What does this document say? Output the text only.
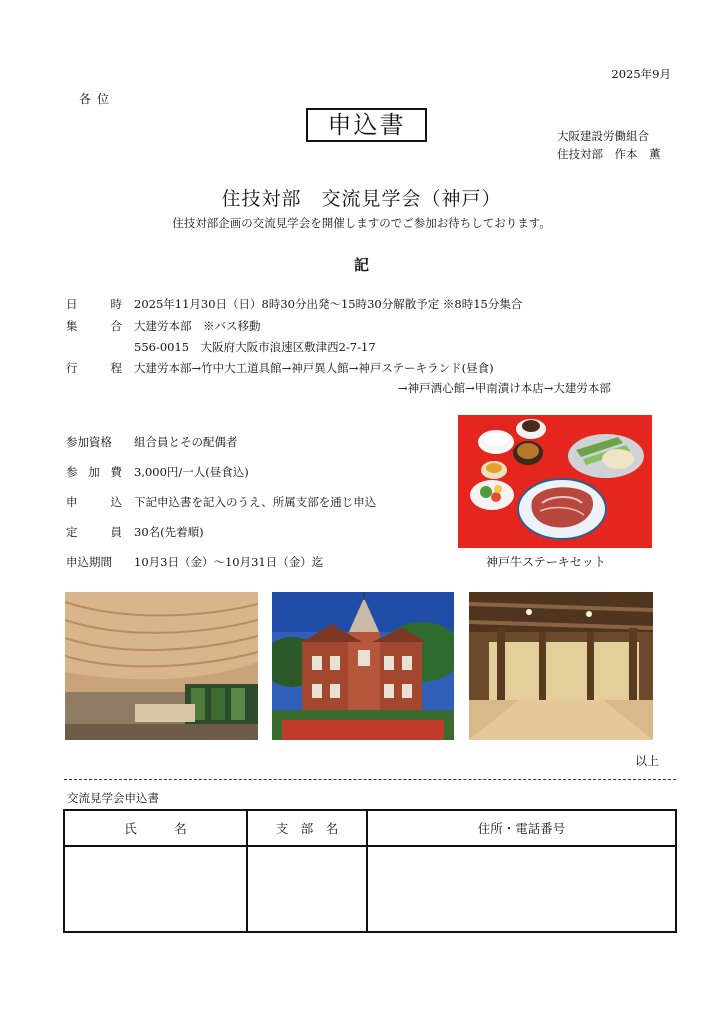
2025年9月
各位
申込書	大阪建設労働組合
住技対部　作本　薫
住技対部　交流見学会（神戸）
住技対部企画の交流見学会を開催しますのでご参加お待ちしております。
記
日	時 2025年11月30日（日）8時30分出発～15時30分解散予定 ※8時15分集合
集	合 大建労本部　※バス移動
556-0015　大阪府大阪市浪速区敷津西2-7-17
行	程 大建労本部→竹中大工道具館→神戸異人館→神戸ステーキランド(昼食)
→神戸酒心館→甲南漬け本店→大建労本部
参加資格 組合員とその配偶者
参 加 費 3,000円/一人(昼食込)
申	込 下記申込書を記入のうえ、所属支部を通じ申込
定	員 30名(先着順)
申込期間 10月3日（金）～10月31日（金）迄	神戸牛ステーキセット
以上
交流見学会申込書
氏　　　名	支　部　名	住所・電話番号
